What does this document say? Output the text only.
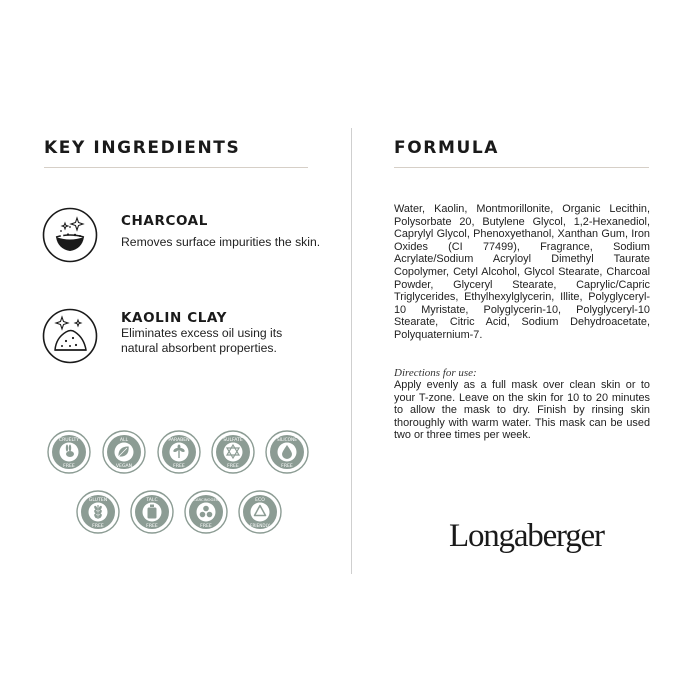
KEY INGREDIENTS
CHARCOAL
Removes surface impurities the skin.
KAOLIN CLAY
Eliminates excess oil using its natural absorbent properties.
CRUELTY
FREE
ALL
VEGAN
PARABEN
FREE
SULFATE
FREE
SILICONE
FREE
GLUTEN
FREE
TALC
FREE
CARCINOGEN
FREE
ECO
FRIENDLY
FORMULA

Water, Kaolin, Montmorillonite, Organic Lecithin, Polysorbate 20, Butylene Glycol, 1,2-Hexanediol, Caprylyl Glycol, Phenoxyethanol, Xanthan Gum, Iron Oxides (CI 77499), Fragrance, Sodium Acrylate/Sodium Acryloyl Dimethyl Taurate Copolymer, Cetyl Alcohol, Glycol Stearate, Charcoal Powder, Glyceryl Stearate, Caprylic/Capric Triglycerides, Ethylhexylglycerin, Illite, Polyglyceryl-10 Myristate, Polyglycerin-10, Polyglyceryl-10 Stearate, Citric Acid, Sodium Dehydroacetate, Polyquaternium-7.

Directions for use:

Apply evenly as a full mask over clean skin or to your T-zone. Leave on the skin for 10 to 20 minutes to allow the mask to dry. Finish by rinsing skin thoroughly with warm water. This mask can be used two or three times per week.

Longaberger
